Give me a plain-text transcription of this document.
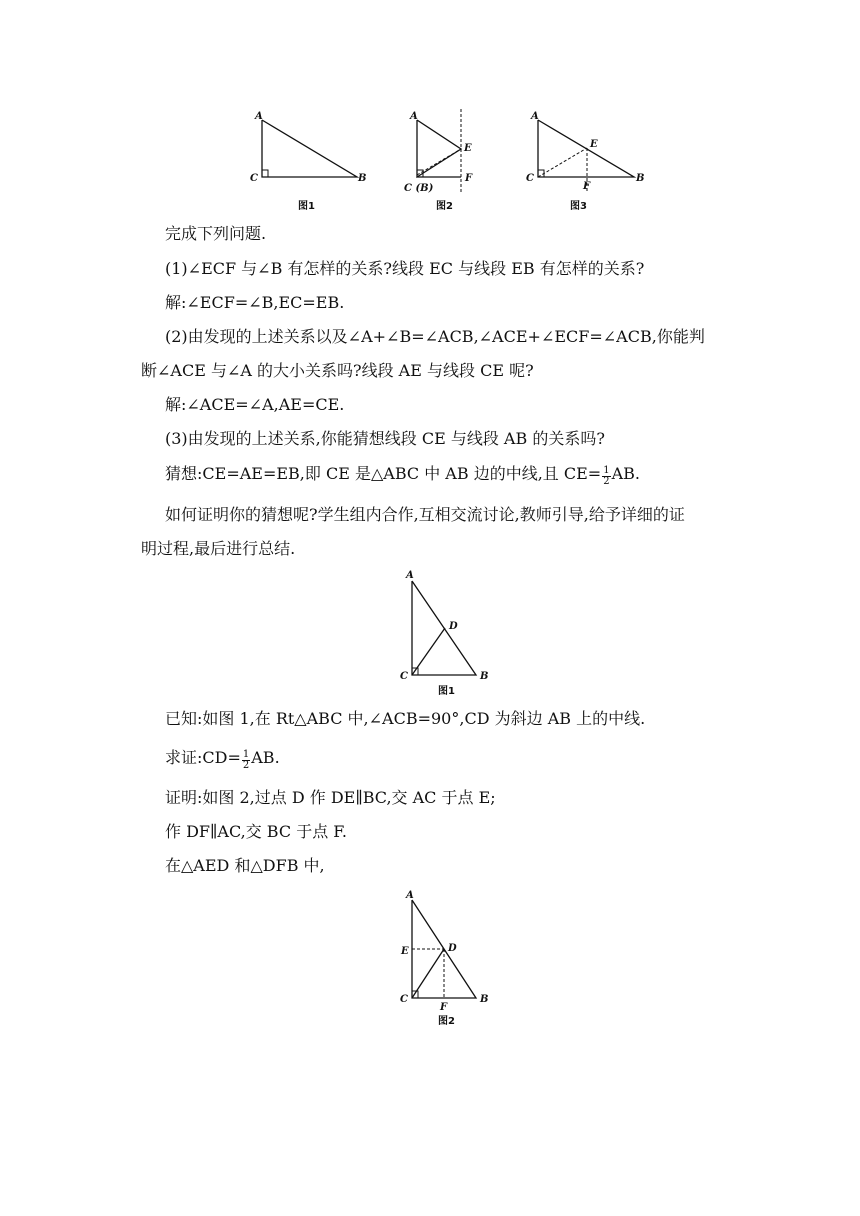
A
C	B
图1
A
E
C (B)
F
图2
A
E
C
F
B
图3
完成下列问题.
(1)∠ECF 与∠B 有怎样的关系?线段 EC 与线段 EB 有怎样的关系?
解:∠ECF=∠B,EC=EB.
(2)由发现的上述关系以及∠A+∠B=∠ACB,∠ACE+∠ECF=∠ACB,你能判
断∠ACE 与∠A 的大小关系吗?线段 AE 与线段 CE 呢?
解:∠ACE=∠A,AE=CE.
(3)由发现的上述关系,你能猜想线段 CE 与线段 AB 的关系吗?
猜想:CE=AE=EB,即 CE 是△ABC 中 AB 边的中线,且 $CE= \frac{1}{2}$ AB.
如何证明你的猜想呢?学生组内合作,互相交流讨论,教师引导,给予详细的证
明过程,最后进行总结.
A
D
C	B
图1
已知:如图 1,在 Rt△ABC 中,∠ACB=90°,CD 为斜边 AB 上的中线.
求证:CD= $\frac{1}{2}$ AB.
证明:如图 2,过点 D 作 DE∥BC,交 AC 于点 E;
作 DF∥AC,交 BC 于点 F.
在△AED 和△DFB 中,
A
E	D
C
F
B
图2
